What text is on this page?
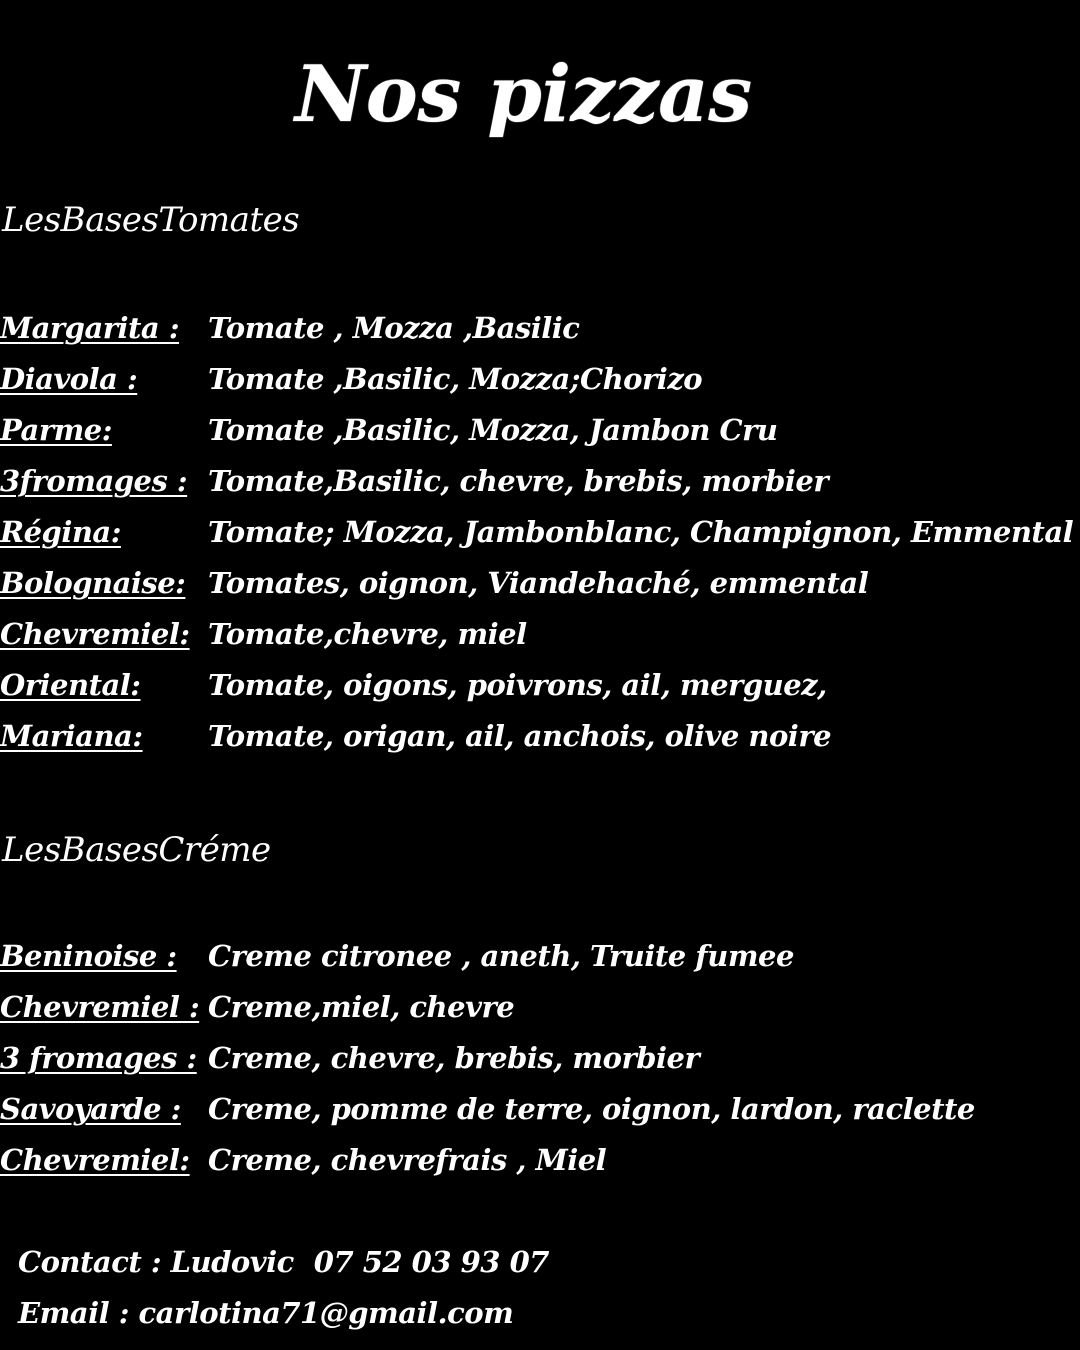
Nos pizzas
LesBasesTomates
Margarita : Tomate , Mozza ,Basilic
Diavola :	Tomate ,Basilic, Mozza;Chorizo
Parme:	Tomate ,Basilic, Mozza, Jambon Cru
3fromages : Tomate,Basilic, chevre, brebis, morbier
Régina:	Tomate; Mozza, Jambonblanc, Champignon, Emmental
Bolognaise: Tomates, oignon, Viandehaché, emmental
Chevremiel: Tomate,chevre, miel
Oriental:	Tomate, oigons, poivrons, ail, merguez,
Mariana:	Tomate, origan, ail, anchois, olive noire
LesBasesCréme
Beninoise :	Creme citronee , aneth, Truite fumee
Chevremiel : Creme,miel, chevre
3 fromages : Creme, chevre, brebis, morbier
Savoyarde : Creme, pomme de terre, oignon, lardon, raclette
Chevremiel: Creme, chevrefrais , Miel
Contact : Ludovic 07 52 03 93 07
Email : carlotina71@gmail.com
